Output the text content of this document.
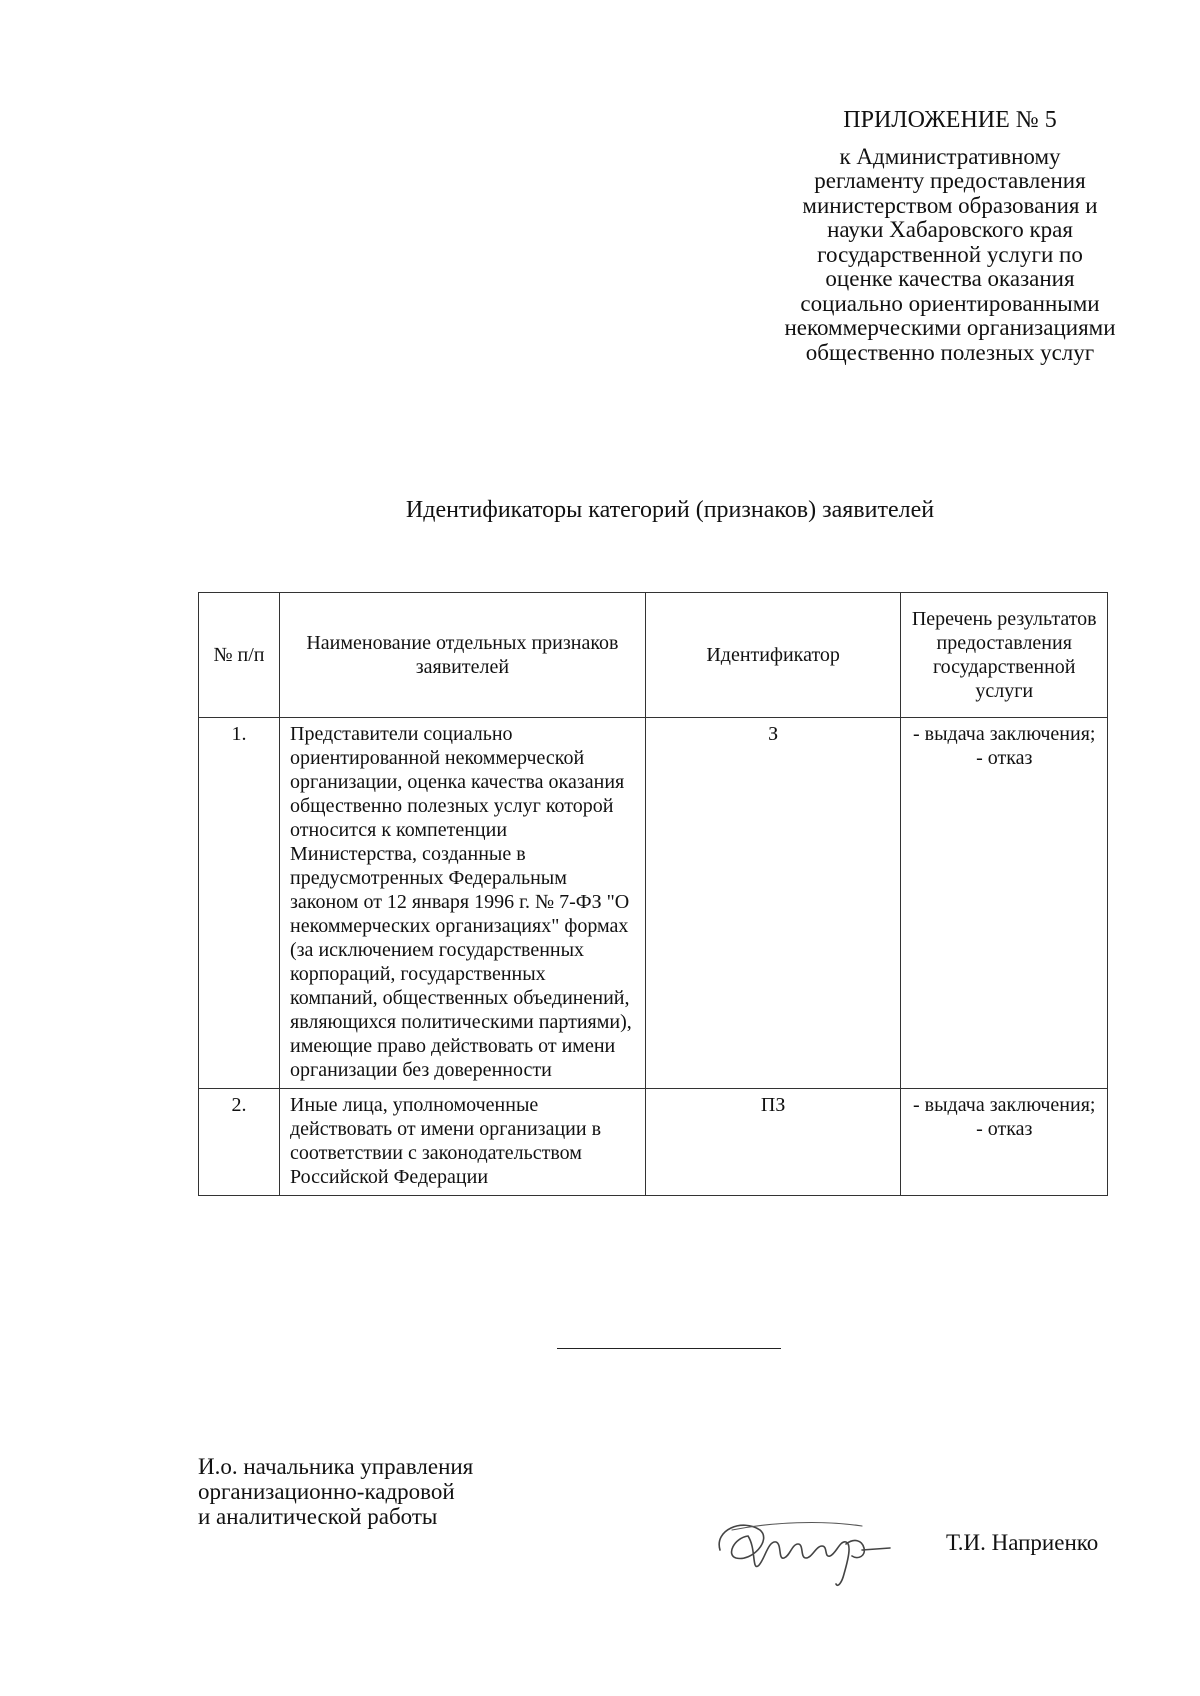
ПРИЛОЖЕНИЕ № 5
к Административному
регламенту предоставления
министерством образования и
науки Хабаровского края
государственной услуги по
оценке качества оказания
социально ориентированными
некоммерческими организациями
общественно полезных услуг
Идентификаторы категорий (признаков) заявителей
№ п/п	Наименование отдельных признаков заявителей	Идентификатор	Перечень результатов предоставления государственной услуги
1.	Представители социально ориентированной некоммерческой организации, оценка качества оказания общественно полезных услуг которой относится к компетенции Министерства, созданные в предусмотренных Федеральным законом от 12 января 1996 г. № 7-ФЗ "О некоммерческих организациях" формах (за исключением государственных корпораций, государственных компаний, общественных объединений, являющихся политическими партиями), имеющие право действовать от имени организации без доверенности	З	- выдача заключения;
- отказ

2.	Иные лица, уполномоченные действовать от имени организации в соответствии с законодательством Российской Федерации	ПЗ	- выдача заключения;
- отказ
И.о. начальника управления
организационно-кадровой
и аналитической работы
Т.И. Наприенко
